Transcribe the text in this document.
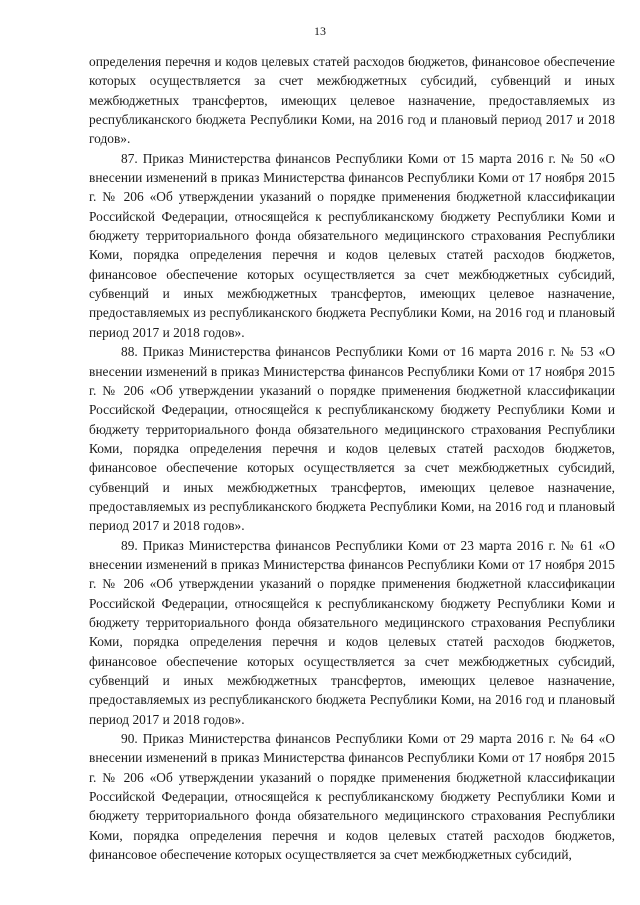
13

определения перечня и кодов целевых статей расходов бюджетов, финансовое обеспечение которых осуществляется за счет межбюджетных субсидий, субвенций и иных межбюджетных трансфертов, имеющих целевое назначение, предоставляемых из республиканского бюджета Республики Коми, на 2016 год и плановый период 2017 и 2018 годов».

87. Приказ Министерства финансов Республики Коми от 15 марта 2016 г. № 50 «О внесении изменений в приказ Министерства финансов Республики Коми от 17 ноября 2015 г. № 206 «Об утверждении указаний о порядке применения бюджетной классификации Российской Федерации, относящейся к республиканскому бюджету Республики Коми и бюджету территориального фонда обязательного медицинского страхования Республики Коми, порядка определения перечня и кодов целевых статей расходов бюджетов, финансовое обеспечение которых осуществляется за счет межбюджетных субсидий, субвенций и иных межбюджетных трансфертов, имеющих целевое назначение, предоставляемых из республиканского бюджета Республики Коми, на 2016 год и плановый период 2017 и 2018 годов».

88. Приказ Министерства финансов Республики Коми от 16 марта 2016 г. № 53 «О внесении изменений в приказ Министерства финансов Республики Коми от 17 ноября 2015 г. № 206 «Об утверждении указаний о порядке применения бюджетной классификации Российской Федерации, относящейся к республиканскому бюджету Республики Коми и бюджету территориального фонда обязательного медицинского страхования Республики Коми, порядка определения перечня и кодов целевых статей расходов бюджетов, финансовое обеспечение которых осуществляется за счет межбюджетных субсидий, субвенций и иных межбюджетных трансфертов, имеющих целевое назначение, предоставляемых из республиканского бюджета Республики Коми, на 2016 год и плановый период 2017 и 2018 годов».

89. Приказ Министерства финансов Республики Коми от 23 марта 2016 г. № 61 «О внесении изменений в приказ Министерства финансов Республики Коми от 17 ноября 2015 г. № 206 «Об утверждении указаний о порядке применения бюджетной классификации Российской Федерации, относящейся к республиканскому бюджету Республики Коми и бюджету территориального фонда обязательного медицинского страхования Республики Коми, порядка определения перечня и кодов целевых статей расходов бюджетов, финансовое обеспечение которых осуществляется за счет межбюджетных субсидий, субвенций и иных межбюджетных трансфертов, имеющих целевое назначение, предоставляемых из республиканского бюджета Республики Коми, на 2016 год и плановый период 2017 и 2018 годов».

90. Приказ Министерства финансов Республики Коми от 29 марта 2016 г. № 64 «О внесении изменений в приказ Министерства финансов Республики Коми от 17 ноября 2015 г. № 206 «Об утверждении указаний о порядке применения бюджетной классификации Российской Федерации, относящейся к республиканскому бюджету Республики Коми и бюджету территориального фонда обязательного медицинского страхования Республики Коми, порядка определения перечня и кодов целевых статей расходов бюджетов, финансовое обеспечение которых осуществляется за счет межбюджетных субсидий,
